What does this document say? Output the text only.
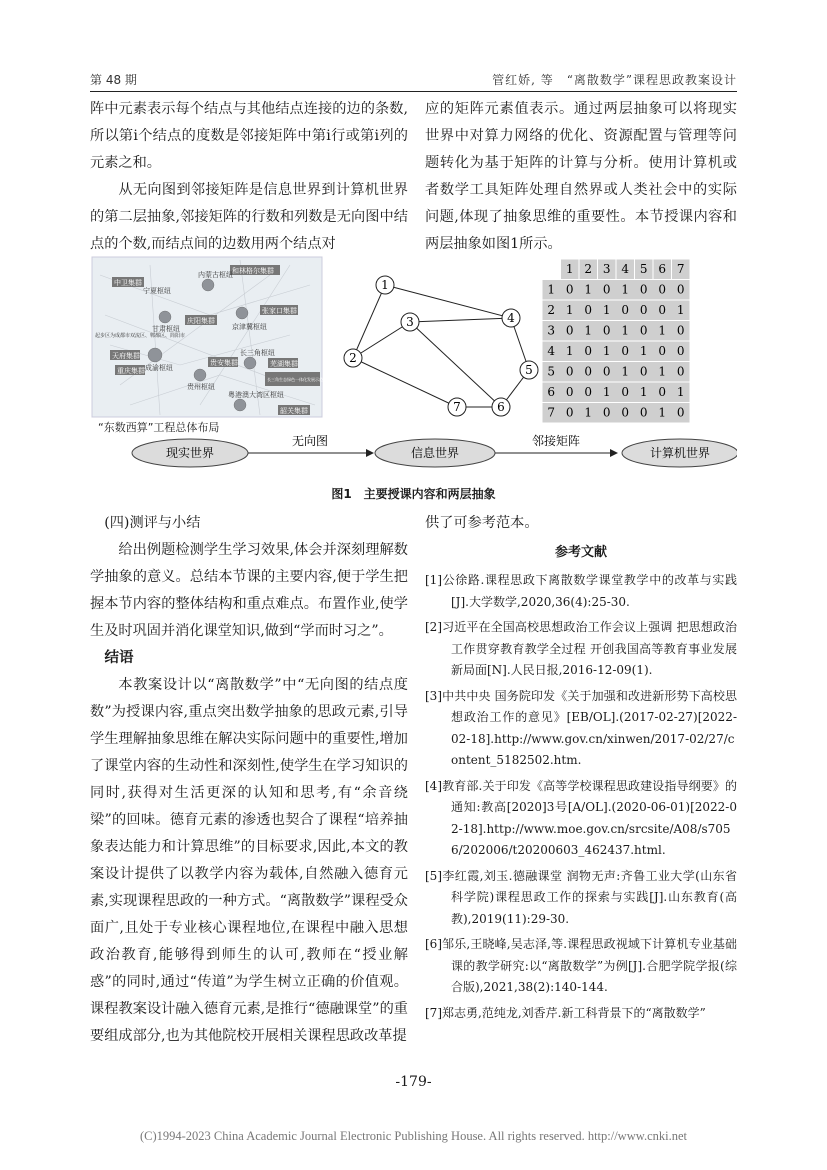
第 48 期	管红娇, 等　“离散数学”课程思政教案设计

阵中元素表示每个结点与其他结点连接的边的条数,所以第i个结点的度数是邻接矩阵中第i行或第i列的元素之和。

从无向图到邻接矩阵是信息世界到计算机世界的第二层抽象,邻接矩阵的行数和列数是无向图中结点的个数,而结点间的边数用两个结点对

应的矩阵元素值表示。通过两层抽象可以将现实世界中对算力网络的优化、资源配置与管理等问题转化为基于矩阵的计算与分析。使用计算机或者数学工具矩阵处理自然界或人类社会中的实际问题,体现了抽象思维的重要性。本节授课内容和两层抽象如图1所示。

中卫集群
宁夏枢纽
内蒙古枢纽 和林格尔集群
庆阳集群
甘肃枢纽	京津冀枢纽
张家口集群
起步区为成都市双流区、郫都区、简阳市
成渝枢纽
天府集群
重庆集群
贵州枢纽
贵安集群
长三角枢纽
芜湖集群
长三角生态绿色一体化发展示范区集群
粤港澳大湾区枢纽
韶关集群
“东数西算”工程总体布局
1
2
3	4
5
6
7
1 2 3 4 5 6 7
1 0 1 0 1 0 0 0
2 1 0 1 0 0 0 1
3 0 1 0 1 0 1 0
4 1 0 1 0 1 0 0
5 0 0 0 1 0 1 0
6 0 0 1 0 1 0 1
7 0 1 0 0 0 1 0
现实世界
无向图
信息世界
邻接矩阵
计算机世界
图1　主要授课内容和两层抽象

(四)测评与小结

给出例题检测学生学习效果,体会并深刻理解数学抽象的意义。总结本节课的主要内容,便于学生把握本节内容的整体结构和重点难点。布置作业,使学生及时巩固并消化课堂知识,做到“学而时习之”。

结语

本教案设计以“离散数学”中“无向图的结点度数”为授课内容,重点突出数学抽象的思政元素,引导学生理解抽象思维在解决实际问题中的重要性,增加了课堂内容的生动性和深刻性,使学生在学习知识的同时,获得对生活更深的认知和思考,有“余音绕梁”的回味。德育元素的渗透也契合了课程“培养抽象表达能力和计算思维”的目标要求,因此,本文的教案设计提供了以教学内容为载体,自然融入德育元素,实现课程思政的一种方式。“离散数学”课程受众面广,且处于专业核心课程地位,在课程中融入思想政治教育,能够得到师生的认可,教师在“授业解惑”的同时,通过“传道”为学生树立正确的价值观。课程教案设计融入德育元素,是推行“德融课堂”的重要组成部分,也为其他院校开展相关课程思政改革提

供了可参考范本。

参考文献

[1]公徐路.课程思政下离散数学课堂教学中的改革与实践[J].大学数学,2020,36(4):25-30.

[2]习近平在全国高校思想政治工作会议上强调 把思想政治工作贯穿教育教学全过程 开创我国高等教育事业发展新局面[N].人民日报,2016-12-09(1).

[3]中共中央 国务院印发《关于加强和改进新形势下高校思想政治工作的意见》[EB/OL].(2017-02-27)[2022-02-18].http://www.gov.cn/xinwen/2017-02/27/content_5182502.htm.

[4]教育部.关于印发《高等学校课程思政建设指导纲要》的通知:教高[2020]3号[A/OL].(2020-06-01)[2022-02-18].http://www.moe.gov.cn/srcsite/A08/s7056/202006/t20200603_462437.html.

[5]李红霞,刘玉.德融课堂 润物无声:齐鲁工业大学(山东省科学院)课程思政工作的探索与实践[J].山东教育(高教),2019(11):29-30.

[6]邹乐,王晓峰,吴志泽,等.课程思政视域下计算机专业基础课的教学研究:以“离散数学”为例[J].合肥学院学报(综合版),2021,38(2):140-144.

[7]郑志勇,范纯龙,刘香芹.新工科背景下的“离散数学”

-179-
(C)1994-2023 China Academic Journal Electronic Publishing House. All rights reserved. http://www.cnki.net
